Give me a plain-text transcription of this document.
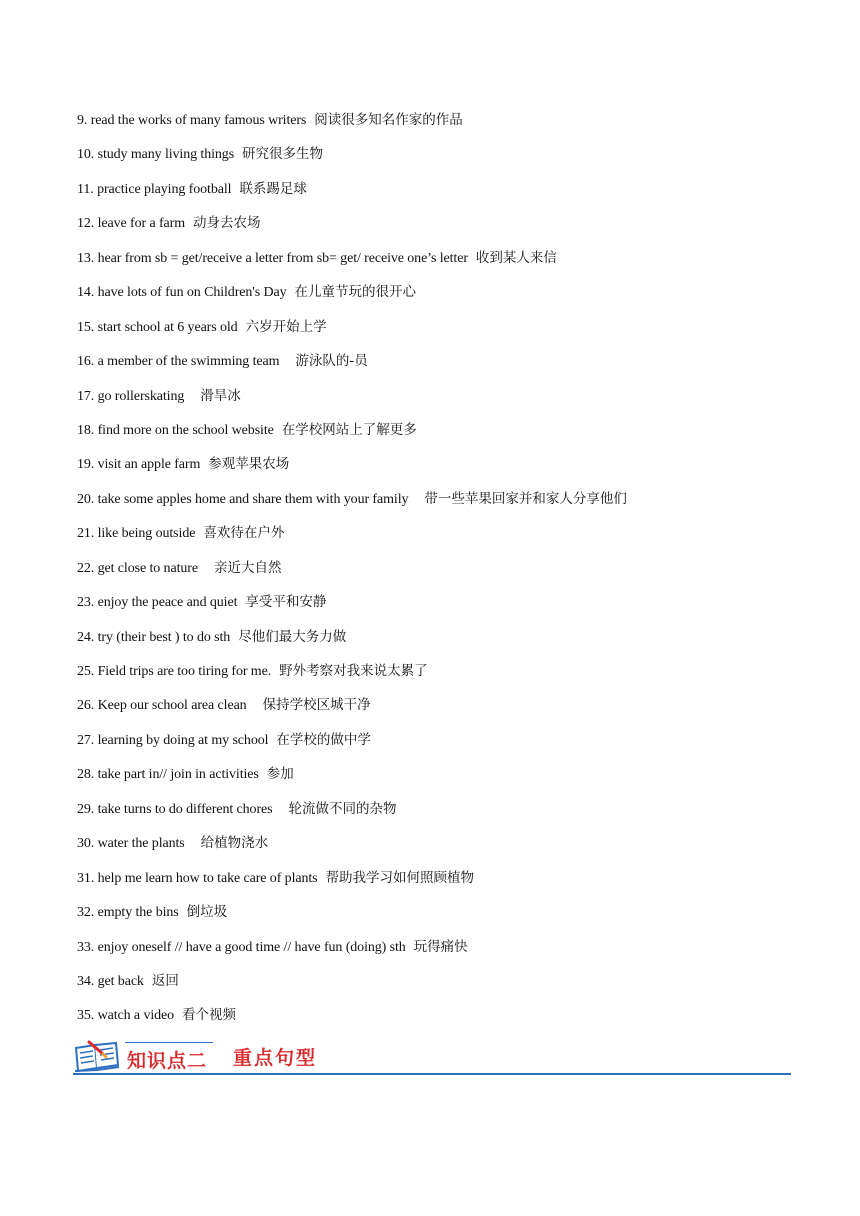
9. read the works of many famous writers 阅读很多知名作家的作品
10. study many living things 研究很多生物
11. practice playing football 联系踢足球
12. leave for a farm 动身去农场
13. hear from sb = get/receive a letter from sb= get/ receive one’s letter 收到某人来信
14. have lots of fun on Children's Day 在儿童节玩的很开心
15. start school at 6 years old 六岁开始上学
16. a member of the swimming team 游泳队的-员
17. go rollerskating 滑旱冰
18. find more on the school website 在学校网站上了解更多
19. visit an apple farm 参观苹果农场
20. take some apples home and share them with your family 带一些苹果回家并和家人分享他们
21. like being outside 喜欢待在户外
22. get close to nature 亲近大自然
23. enjoy the peace and quiet 享受平和安静
24. try (their best ) to do sth 尽他们最大务力做
25. Field trips are too tiring for me. 野外考察对我来说太累了
26. Keep our school area clean 保持学校区城干净
27. learning by doing at my school 在学校的做中学
28. take part in// join in activities 参加
29. take turns to do different chores 轮流做不同的杂物
30. water the plants 给植物浇水
31. help me learn how to take care of plants 帮助我学习如何照顾植物
32. empty the bins 倒垃圾
33. enjoy oneself // have a good time // have fun (doing) sth 玩得痛快
34. get back 返回
35. watch a video 看个视频
知识点二 重点句型
